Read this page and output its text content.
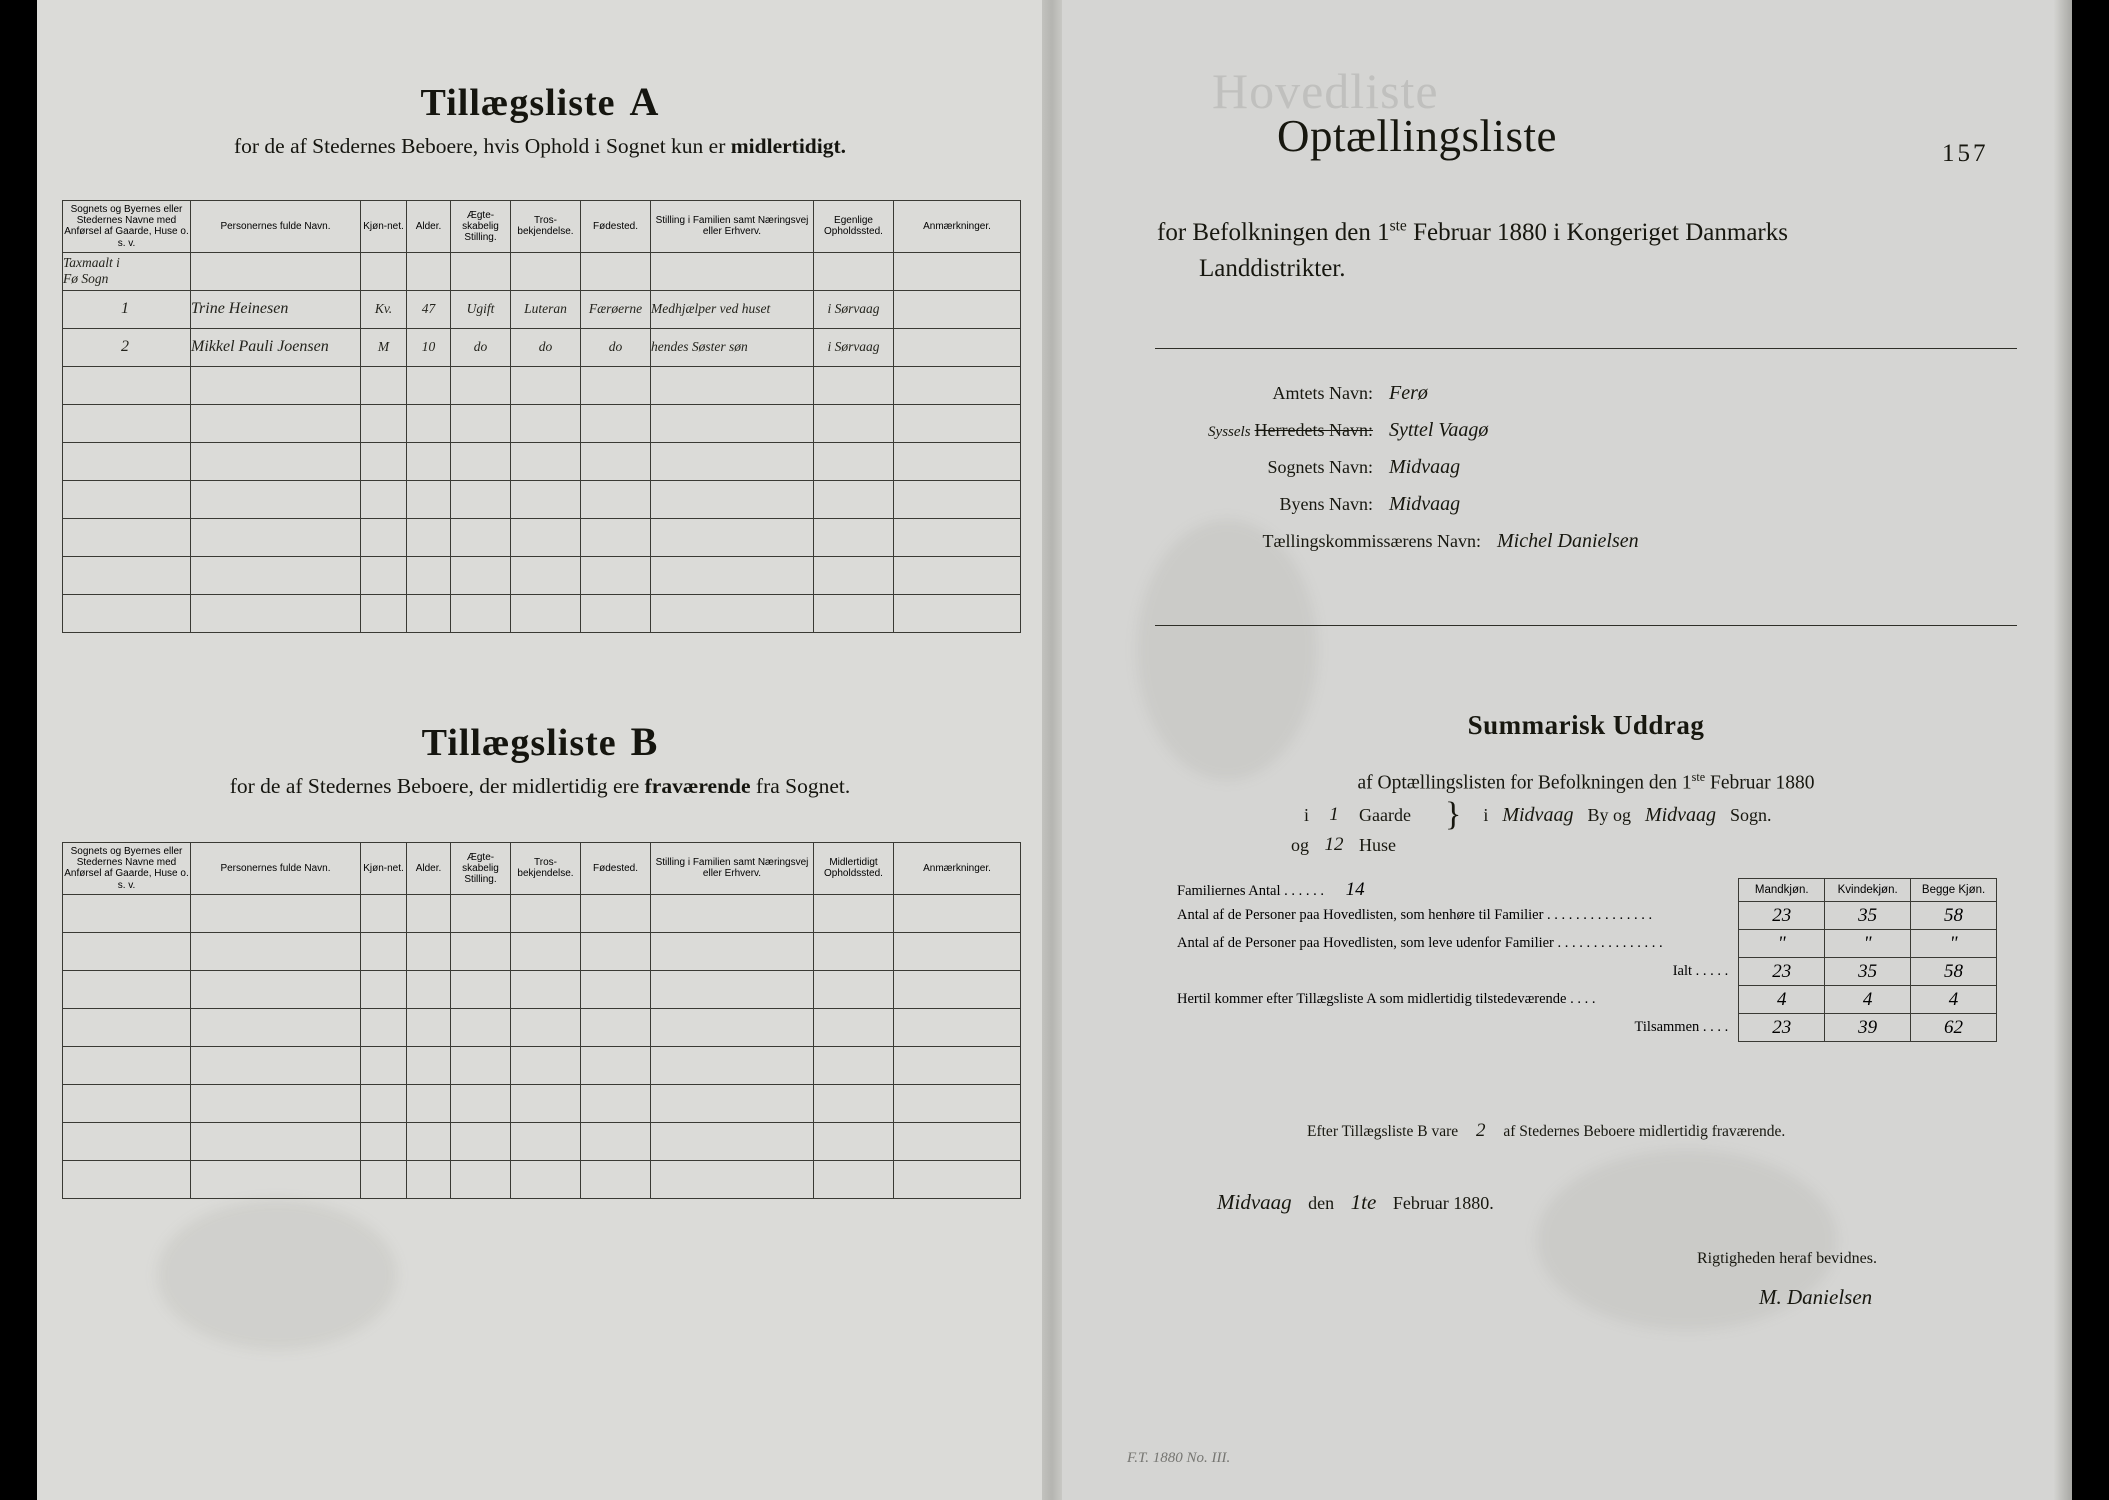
Tillægsliste A
for de af Stedernes Beboere, hvis Ophold i Sognet kun er midlertidigt.
Sognets og Byernes eller Stedernes Navne med Anførsel af Gaarde, Huse o. s. v.	Personernes fulde Navn.	Kjøn-net.	Alder.	Ægte-skabelig Stilling.	Tros-bekjendelse.	Fødested.	Stilling i Familien samt Næringsvej eller Erhverv.	Egenlige Opholdssted.	Anmærkninger.

Taxmaalt i
Fø Sogn									

1	Trine Heinesen	Kv.	47	Ugift	Luteran	Færøerne	Medhjælper ved huset	i Sørvaag	
2	Mikkel Pauli Joensen	M	10	do	do	do	hendes Søster søn	i Sørvaag	

Tillægsliste B
for de af Stedernes Beboere, der midlertidig ere fraværende fra Sognet.
Sognets og Byernes eller Stedernes Navne med Anførsel af Gaarde, Huse o. s. v.	Personernes fulde Navn.	Kjøn-net.	Alder.	Ægte-skabelig Stilling.	Tros-bekjendelse.	Fødested.	Stilling i Familien samt Næringsvej eller Erhverv.	Midlertidigt Opholdssted.	Anmærkninger.

Hovedliste
157
Optællingsliste
for Befolkningen den 1ste Februar 1880 i Kongeriget Danmarks
Landdistrikter.
Amtets Navn: Ferø
Syssels Herredets Navn: Syttel Vaagø
Sognets Navn: Midvaag
Byens Navn: Midvaag
Tællingskommissærens Navn: Michel Danielsen
Summarisk Uddrag
af Optællingslisten for Befolkningen den 1ste Februar 1880
i	1	Gaarde	} i Midvaag By og Midvaag Sogn.
og 12 Huse
Familiernes Antal . . . . . . 14	Mandkjøn.	Kvindekjøn.	Begge Kjøn.
Antal af de Personer paa Hovedlisten, som henhøre til Familier . . . . . . . . . . . . . . .	23	35	58
Antal af de Personer paa Hovedlisten, som leve udenfor Familier . . . . . . . . . . . . . . .	"	"	"
Ialt . . . . .	23	35	58
Hertil kommer efter Tillægsliste A som midlertidig tilstedeværende . . . .	4	4	4
Tilsammen . . . .	23	39	62
Efter Tillægsliste B vare 2 af Stedernes Beboere midlertidig fraværende.
Midvaag den 1te Februar 1880.
Rigtigheden heraf bevidnes.
M. Danielsen
F.T. 1880 No. III.
